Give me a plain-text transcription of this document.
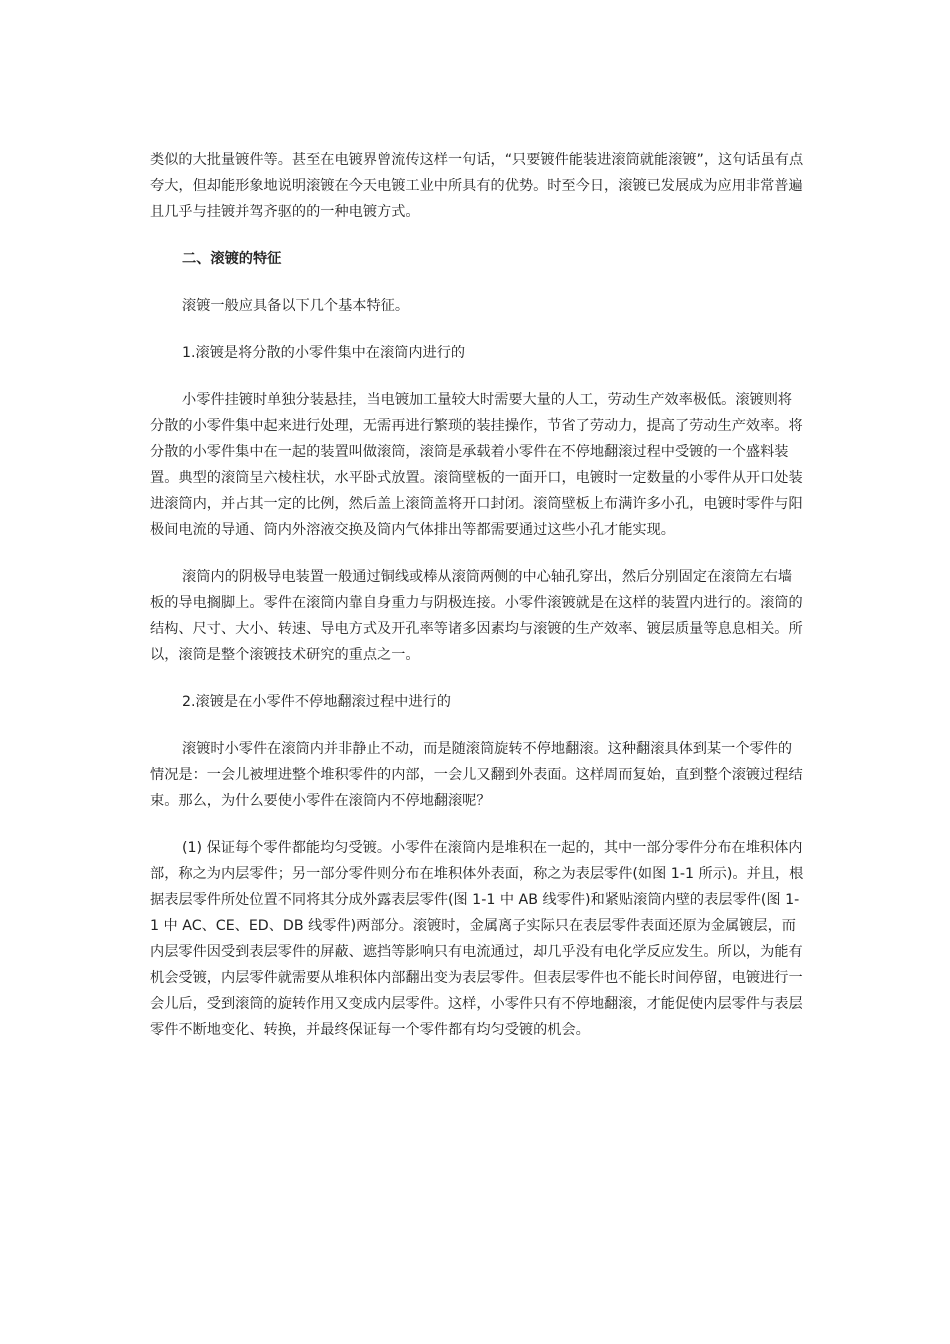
类似的大批量镀件等。甚至在电镀界曾流传这样一句话，“只要镀件能装进滚筒就能滚镀”，这句话虽有点夸大，但却能形象地说明滚镀在今天电镀工业中所具有的优势。时至今日，滚镀已发展成为应用非常普遍且几乎与挂镀并驾齐驱的的一种电镀方式。

二、滚镀的特征

滚镀一般应具备以下几个基本特征。

1.滚镀是将分散的小零件集中在滚筒内进行的

小零件挂镀时单独分装悬挂，当电镀加工量较大时需要大量的人工，劳动生产效率极低。滚镀则将分散的小零件集中起来进行处理，无需再进行繁琐的装挂操作，节省了劳动力，提高了劳动生产效率。将分散的小零件集中在一起的装置叫做滚筒，滚筒是承载着小零件在不停地翻滚过程中受镀的一个盛料装置。典型的滚筒呈六棱柱状，水平卧式放置。滚筒壁板的一面开口，电镀时一定数量的小零件从开口处装进滚筒内，并占其一定的比例，然后盖上滚筒盖将开口封闭。滚筒壁板上布满许多小孔，电镀时零件与阳极间电流的导通、筒内外溶液交换及筒内气体排出等都需要通过这些小孔才能实现。

滚筒内的阴极导电装置一般通过铜线或棒从滚筒两侧的中心轴孔穿出，然后分别固定在滚筒左右墙板的导电搁脚上。零件在滚筒内靠自身重力与阴极连接。小零件滚镀就是在这样的装置内进行的。滚筒的结构、尺寸、大小、转速、导电方式及开孔率等诸多因素均与滚镀的生产效率、镀层质量等息息相关。所以，滚筒是整个滚镀技术研究的重点之一。

2.滚镀是在小零件不停地翻滚过程中进行的

滚镀时小零件在滚筒内并非静止不动，而是随滚筒旋转不停地翻滚。这种翻滚具体到某一个零件的情况是：一会儿被埋进整个堆积零件的内部，一会儿又翻到外表面。这样周而复始，直到整个滚镀过程结束。那么，为什么要使小零件在滚筒内不停地翻滚呢？

(1) 保证每个零件都能均匀受镀。小零件在滚筒内是堆积在一起的，其中一部分零件分布在堆积体内部，称之为内层零件；另一部分零件则分布在堆积体外表面，称之为表层零件(如图 1-1 所示)。并且，根据表层零件所处位置不同将其分成外露表层零件(图 1-1 中 AB 线零件)和紧贴滚筒内壁的表层零件(图 1-1 中 AC、CE、ED、DB 线零件)两部分。滚镀时，金属离子实际只在表层零件表面还原为金属镀层，而内层零件因受到表层零件的屏蔽、遮挡等影响只有电流通过，却几乎没有电化学反应发生。所以，为能有机会受镀，内层零件就需要从堆积体内部翻出变为表层零件。但表层零件也不能长时间停留，电镀进行一会儿后，受到滚筒的旋转作用又变成内层零件。这样，小零件只有不停地翻滚，才能促使内层零件与表层零件不断地变化、转换，并最终保证每一个零件都有均匀受镀的机会。
